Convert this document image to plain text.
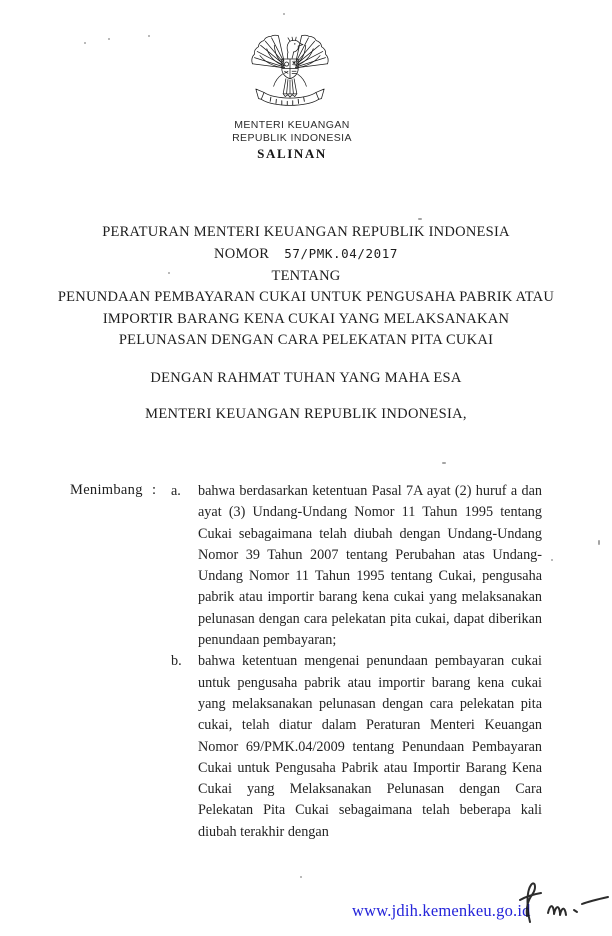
MENTERI KEUANGAN
REPUBLIK INDONESIA
SALINAN
PERATURAN MENTERI KEUANGAN REPUBLIK INDONESIA
NOMOR 57/PMK.04/2017
TENTANG
PENUNDAAN PEMBAYARAN CUKAI UNTUK PENGUSAHA PABRIK ATAU
IMPORTIR BARANG KENA CUKAI YANG MELAKSANAKAN
PELUNASAN DENGAN CARA PELEKATAN PITA CUKAI
DENGAN RAHMAT TUHAN YANG MAHA ESA
MENTERI KEUANGAN REPUBLIK INDONESIA,
Menimbang : a.	bahwa berdasarkan ketentuan Pasal 7A ayat (2) huruf a dan ayat (3) Undang-Undang Nomor 11 Tahun 1995 tentang Cukai sebagaimana telah diubah dengan Undang-Undang Nomor 39 Tahun 2007 tentang Perubahan atas Undang-Undang Nomor 11 Tahun 1995 tentang Cukai, pengusaha pabrik atau importir barang kena cukai yang melaksanakan pelunasan dengan cara pelekatan pita cukai, dapat diberikan penundaan pembayaran;
b.	bahwa ketentuan mengenai penundaan pembayaran cukai untuk pengusaha pabrik atau importir barang kena cukai yang melaksanakan pelunasan dengan cara pelekatan pita cukai, telah diatur dalam Peraturan Menteri Keuangan Nomor 69/PMK.04/2009 tentang Penundaan Pembayaran Cukai untuk Pengusaha Pabrik atau Importir Barang Kena Cukai yang Melaksanakan Pelunasan dengan Cara Pelekatan Pita Cukai sebagaimana telah beberapa kali diubah terakhir dengan
www.jdih.kemenkeu.go.id
